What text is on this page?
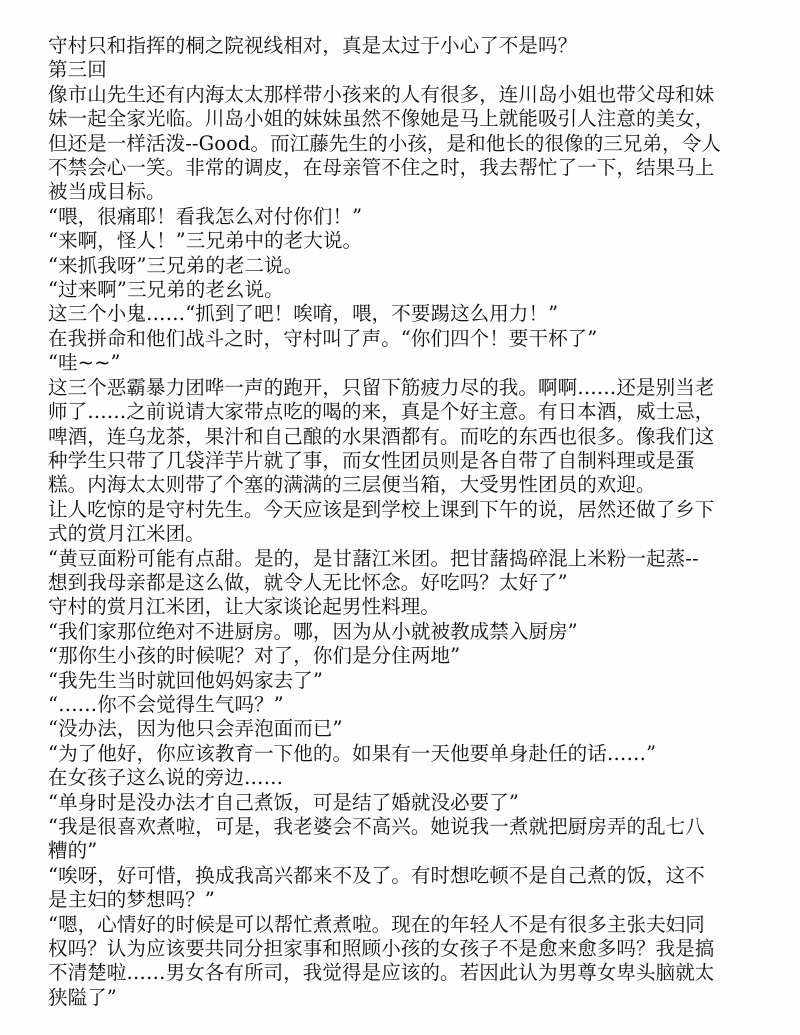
守村只和指挥的桐之院视线相对，真是太过于小心了不是吗？
第三回
像市山先生还有内海太太那样带小孩来的人有很多，连川岛小姐也带父母和妹
妹一起全家光临。川岛小姐的妹妹虽然不像她是马上就能吸引人注意的美女，
但还是一样活泼--Good。而江藤先生的小孩，是和他长的很像的三兄弟，令人
不禁会心一笑。非常的调皮，在母亲管不住之时，我去帮忙了一下，结果马上
被当成目标。
“喂，很痛耶！看我怎么对付你们！”
“来啊，怪人！”三兄弟中的老大说。
“来抓我呀”三兄弟的老二说。
“过来啊”三兄弟的老幺说。
这三个小鬼……“抓到了吧！唉唷，喂，不要踢这么用力！”
在我拼命和他们战斗之时，守村叫了声。“你们四个！要干杯了”
“哇~~”
这三个恶霸暴力团哗一声的跑开，只留下筋疲力尽的我。啊啊……还是别当老
师了……之前说请大家带点吃的喝的来，真是个好主意。有日本酒，威士忌，
啤酒，连乌龙茶，果汁和自己酿的水果酒都有。而吃的东西也很多。像我们这
种学生只带了几袋洋芋片就了事，而女性团员则是各自带了自制料理或是蛋
糕。内海太太则带了个塞的满满的三层便当箱，大受男性团员的欢迎。
让人吃惊的是守村先生。今天应该是到学校上课到下午的说，居然还做了乡下
式的赏月江米团。
“黄豆面粉可能有点甜。是的，是甘藷江米团。把甘藷捣碎混上米粉一起蒸--
想到我母亲都是这么做，就令人无比怀念。好吃吗？太好了”
守村的赏月江米团，让大家谈论起男性料理。
“我们家那位绝对不进厨房。哪，因为从小就被教成禁入厨房”
“那你生小孩的时候呢？对了，你们是分住两地”
“我先生当时就回他妈妈家去了”
“……你不会觉得生气吗？”
“没办法，因为他只会弄泡面而已”
“为了他好，你应该教育一下他的。如果有一天他要单身赴任的话……”
在女孩子这么说的旁边……
“单身时是没办法才自己煮饭，可是结了婚就没必要了”
“我是很喜欢煮啦，可是，我老婆会不高兴。她说我一煮就把厨房弄的乱七八
糟的”
“唉呀，好可惜，换成我高兴都来不及了。有时想吃顿不是自己煮的饭，这不
是主妇的梦想吗？”
“嗯，心情好的时候是可以帮忙煮煮啦。现在的年轻人不是有很多主张夫妇同
权吗？认为应该要共同分担家事和照顾小孩的女孩子不是愈来愈多吗？我是搞
不清楚啦……男女各有所司，我觉得是应该的。若因此认为男尊女卑头脑就太
狭隘了”
